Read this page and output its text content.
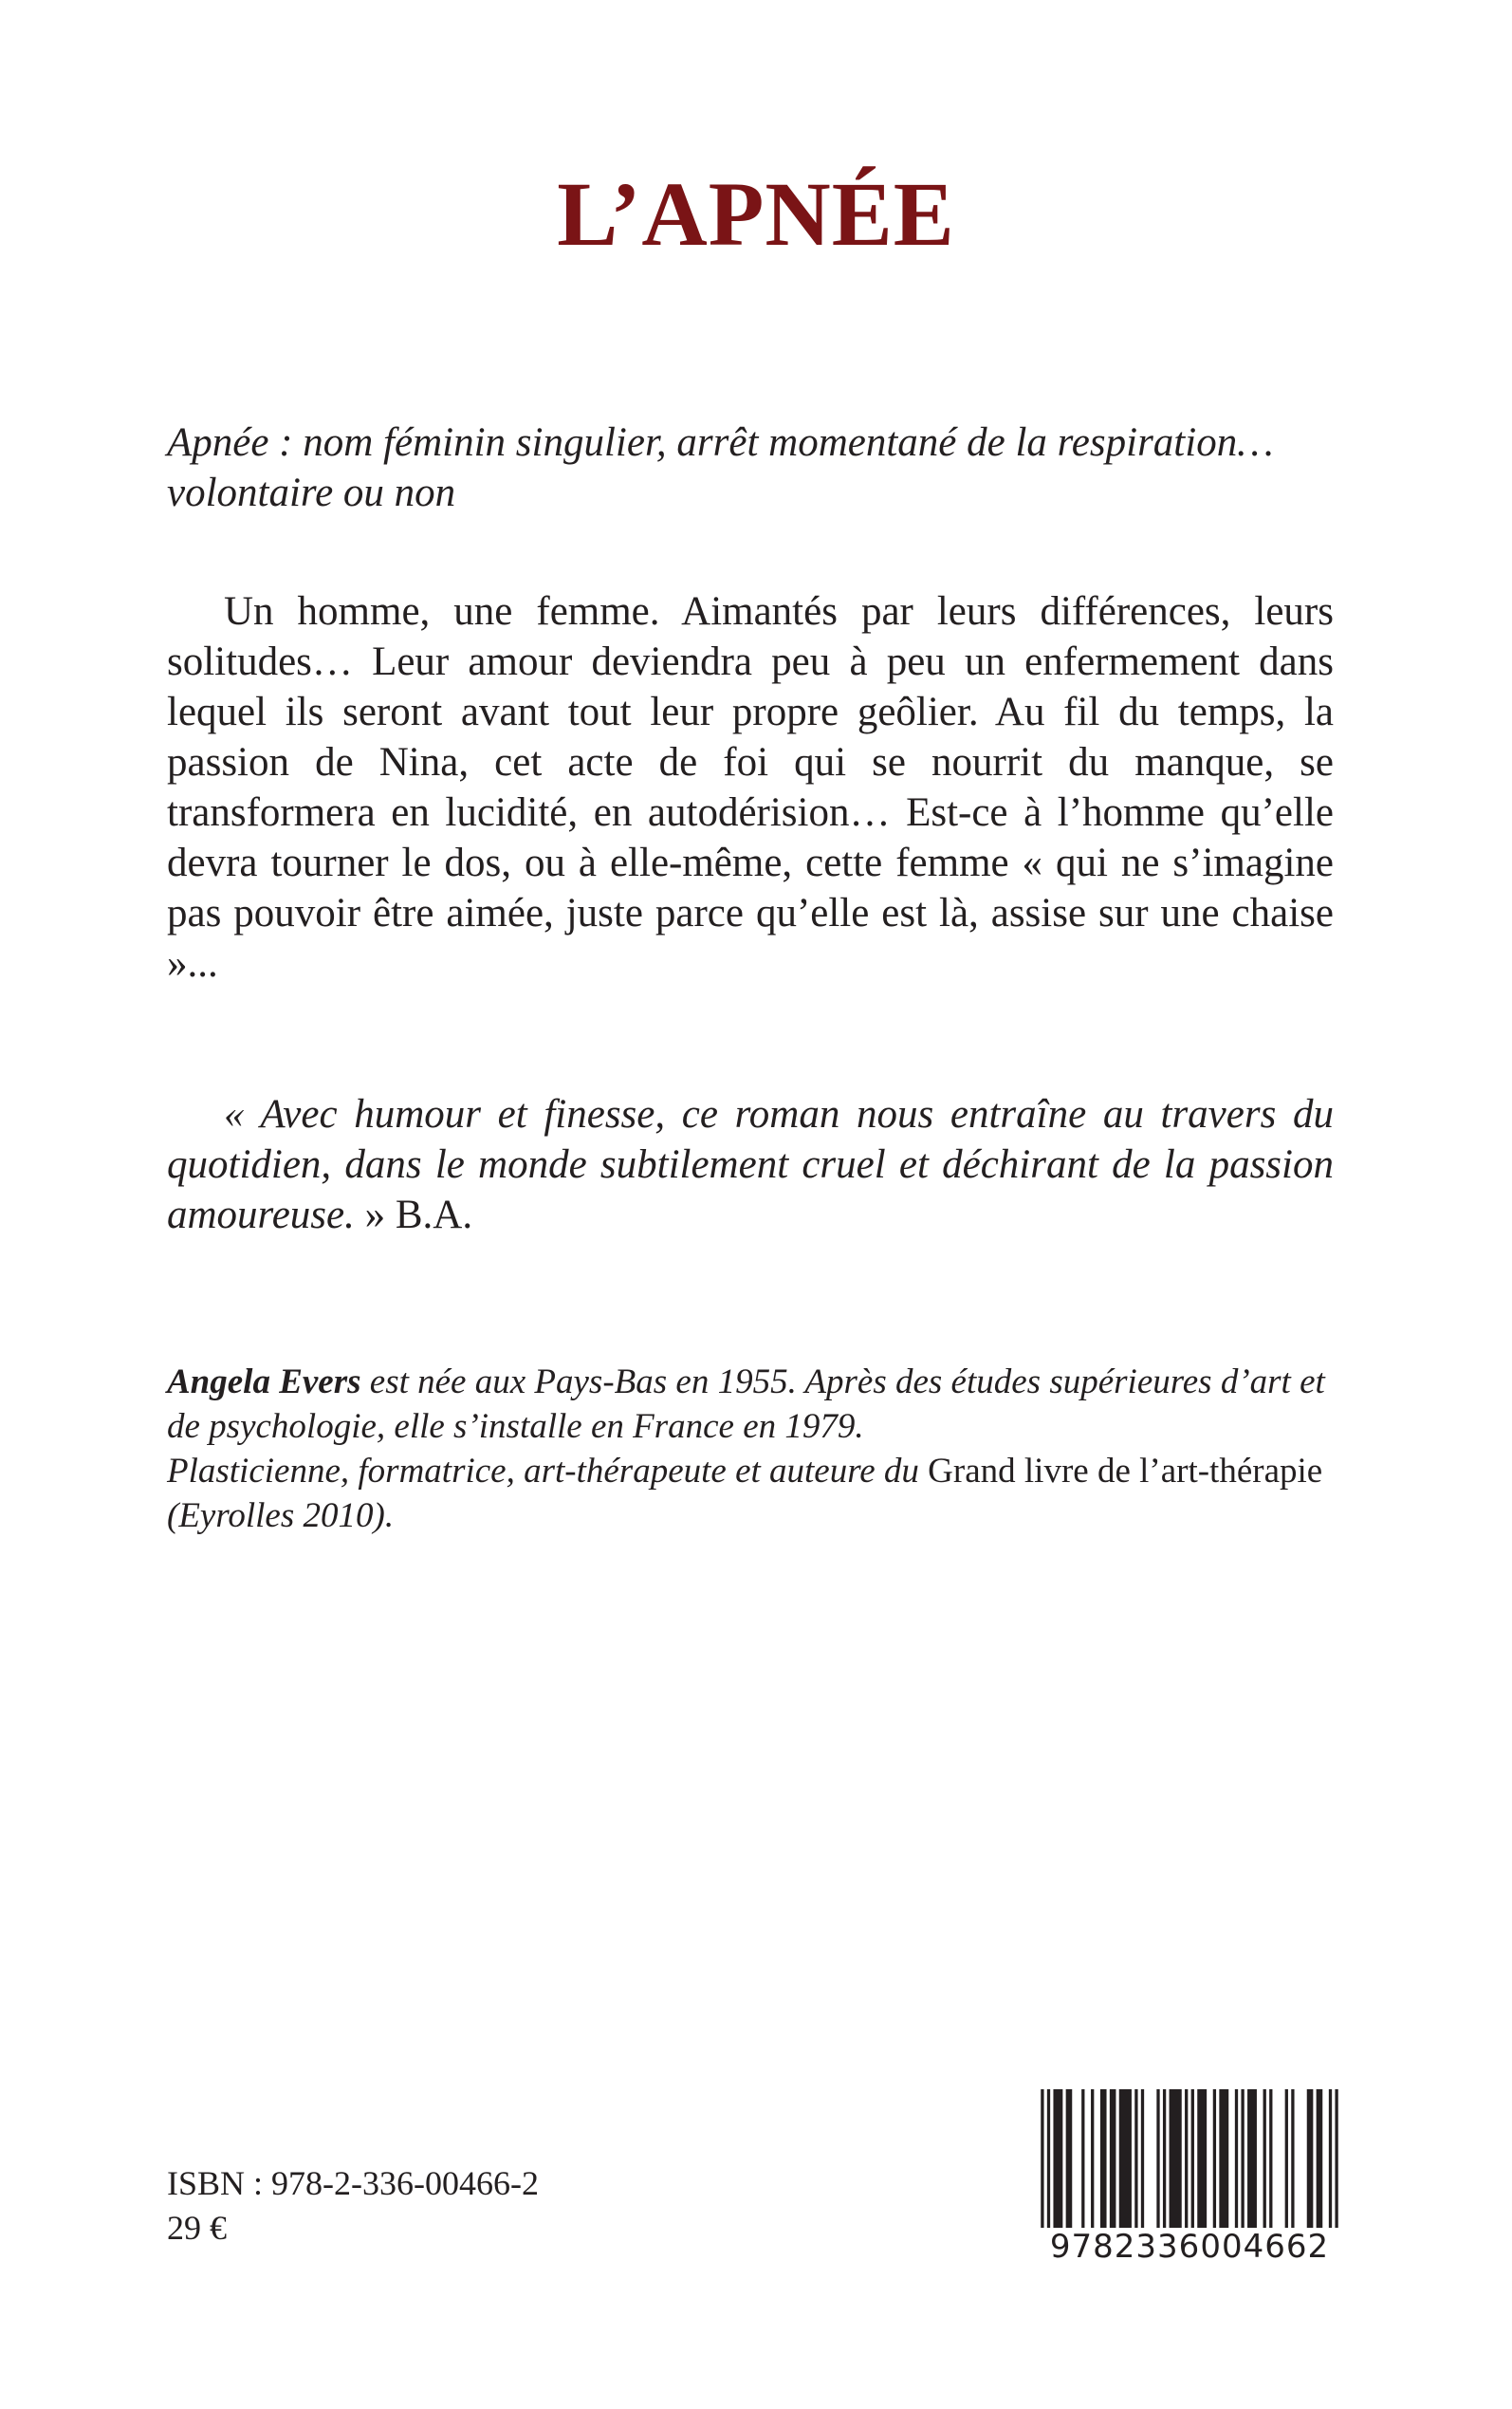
L’APNÉE

Apnée : nom féminin singulier, arrêt momentané de la respiration… volontaire ou non

Un homme, une femme. Aimantés par leurs différences, leurs solitudes… Leur amour deviendra peu à peu un enfermement dans lequel ils seront avant tout leur propre geôlier. Au fil du temps, la passion de Nina, cet acte de foi qui se nourrit du manque, se transformera en lucidité, en autodérision… Est-ce à l’homme qu’elle devra tourner le dos, ou à elle-même, cette femme « qui ne s’imagine pas pouvoir être aimée, juste parce qu’elle est là, assise sur une chaise »...

« Avec humour et finesse, ce roman nous entraîne au travers du quotidien, dans le monde subtilement cruel et déchirant de la passion amoureuse. » B.A.

Angela Evers est née aux Pays-Bas en 1955. Après des études supérieures d’art et de psychologie, elle s’installe en France en 1979.

Plasticienne, formatrice, art-thérapeute et auteure du Grand livre de l’art-thérapie (Eyrolles 2010).

ISBN : 978-2-336-00466-2
29 €	9782336004662
